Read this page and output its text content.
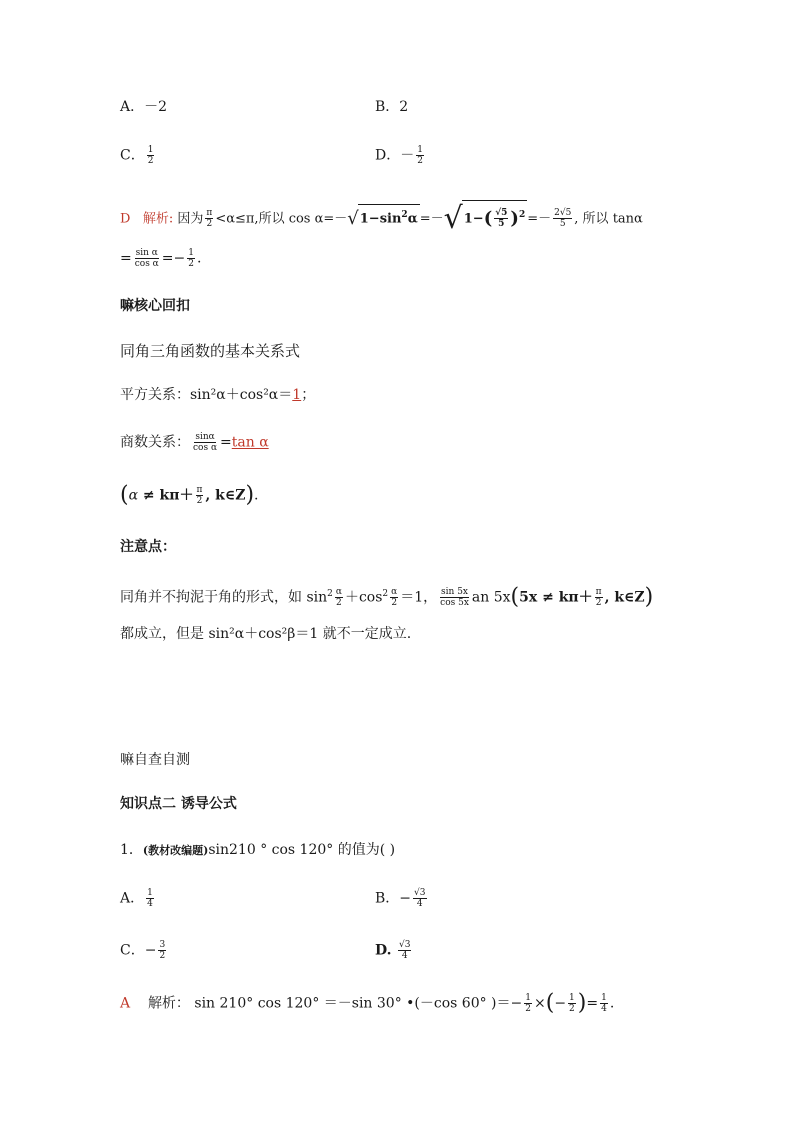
A．－2	B．2
C． $\frac{1}{2}$	D．－ $\frac{1}{2}$
D 解析: 因为 $\frac{\pi}{2} <\alpha\le\pi$,所以 $\cos \alpha=-√1-\sin^2\alpha =-√1-( \frac{√5}{5} )^2 =- \frac{2√5}{5}$ , 所以 tanα
= $\frac{\text{sin α}}{\text{cos α}} =- \frac{1}{2}$ .
嘛核心回扣
同角三角函数的基本关系式
平方关系：sin²α＋cos²α＝1；
商数关系： $\frac{\sin\alpha}{\text{cos α}} =\tan$ α
($\alpha \ne k\pi+ \frac{\pi}{2}$ , k∈Z).
注意点：
同角并不拘泥于角的形式，如 $\sin^2 \frac{\alpha}{2} +\cos^2 \frac{\alpha}{2} =1$， $\frac{\sin 5x}{\cos 5x}$ an $5x(5x \ne k\pi+ \frac{\pi}{2}$ , k∈Z)
都成立，但是 sin²α＋cos²β＝1 就不一定成立.
嘛自查自测
知识点二 诱导公式
1．(教材改编题)sin210 ° cos 120° 的值为( )
A． $\frac{1}{4}$	B．− $\frac{√3}{4}$
C．− $\frac{3}{2}$	D. $\frac{√3}{4}$
A 解析： sin 210° cos 120° ＝－sin 30° •(－cos 60° )＝− $\frac{1}{2}$ ×(− $\frac{1}{2}$ )= $\frac{1}{4}$ .
